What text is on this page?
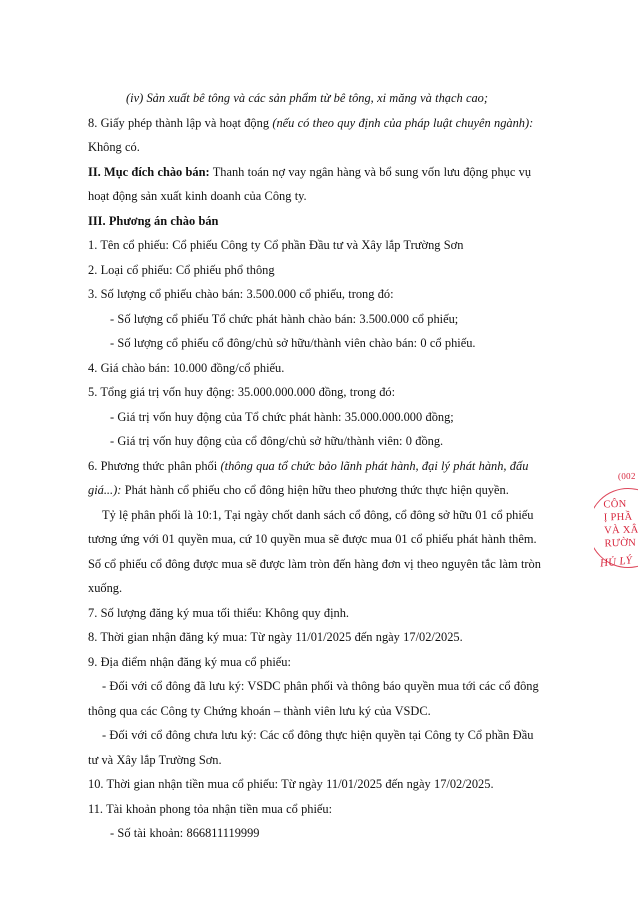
(iv) Sản xuất bê tông và các sản phẩm từ bê tông, xi măng và thạch cao;

8. Giấy phép thành lập và hoạt động (nếu có theo quy định của pháp luật chuyên ngành):

Không có.

II. Mục đích chào bán: Thanh toán nợ vay ngân hàng và bổ sung vốn lưu động phục vụ

hoạt động sản xuất kinh doanh của Công ty.

III. Phương án chào bán

1. Tên cổ phiếu: Cổ phiếu Công ty Cổ phần Đầu tư và Xây lắp Trường Sơn

2. Loại cổ phiếu: Cổ phiếu phổ thông

3. Số lượng cổ phiếu chào bán: 3.500.000 cổ phiếu, trong đó:

- Số lượng cổ phiếu Tổ chức phát hành chào bán: 3.500.000 cổ phiếu;

- Số lượng cổ phiếu cổ đông/chủ sở hữu/thành viên chào bán: 0 cổ phiếu.

4. Giá chào bán: 10.000 đồng/cổ phiếu.

5. Tổng giá trị vốn huy động: 35.000.000.000 đồng, trong đó:

- Giá trị vốn huy động của Tổ chức phát hành: 35.000.000.000 đồng;

- Giá trị vốn huy động của cổ đông/chủ sở hữu/thành viên: 0 đồng.

6. Phương thức phân phối (thông qua tổ chức bảo lãnh phát hành, đại lý phát hành, đấu

giá...): Phát hành cổ phiếu cho cổ đông hiện hữu theo phương thức thực hiện quyền.

Tỷ lệ phân phối là 10:1, Tại ngày chốt danh sách cổ đông, cổ đông sở hữu 01 cổ phiếu

tương ứng với 01 quyền mua, cứ 10 quyền mua sẽ được mua 01 cổ phiếu phát hành thêm.

Số cổ phiếu cổ đông được mua sẽ được làm tròn đến hàng đơn vị theo nguyên tắc làm tròn

xuống.

7. Số lượng đăng ký mua tối thiểu: Không quy định.

8. Thời gian nhận đăng ký mua: Từ ngày 11/01/2025 đến ngày 17/02/2025.

9. Địa điểm nhận đăng ký mua cổ phiếu:

- Đối với cổ đông đã lưu ký: VSDC phân phối và thông báo quyền mua tới các cổ đông

thông qua các Công ty Chứng khoán – thành viên lưu ký của VSDC.

- Đối với cổ đông chưa lưu ký: Các cổ đông thực hiện quyền tại Công ty Cổ phần Đầu

tư và Xây lắp Trường Sơn.

10. Thời gian nhận tiền mua cổ phiếu: Từ ngày 11/01/2025 đến ngày 17/02/2025.

11. Tài khoản phong tỏa nhận tiền mua cổ phiếu:

- Số tài khoản: 866811119999

(002
CÔN
Ị PHẦ
VÀ XÂ
RƯỜN
HỦ LÝ
